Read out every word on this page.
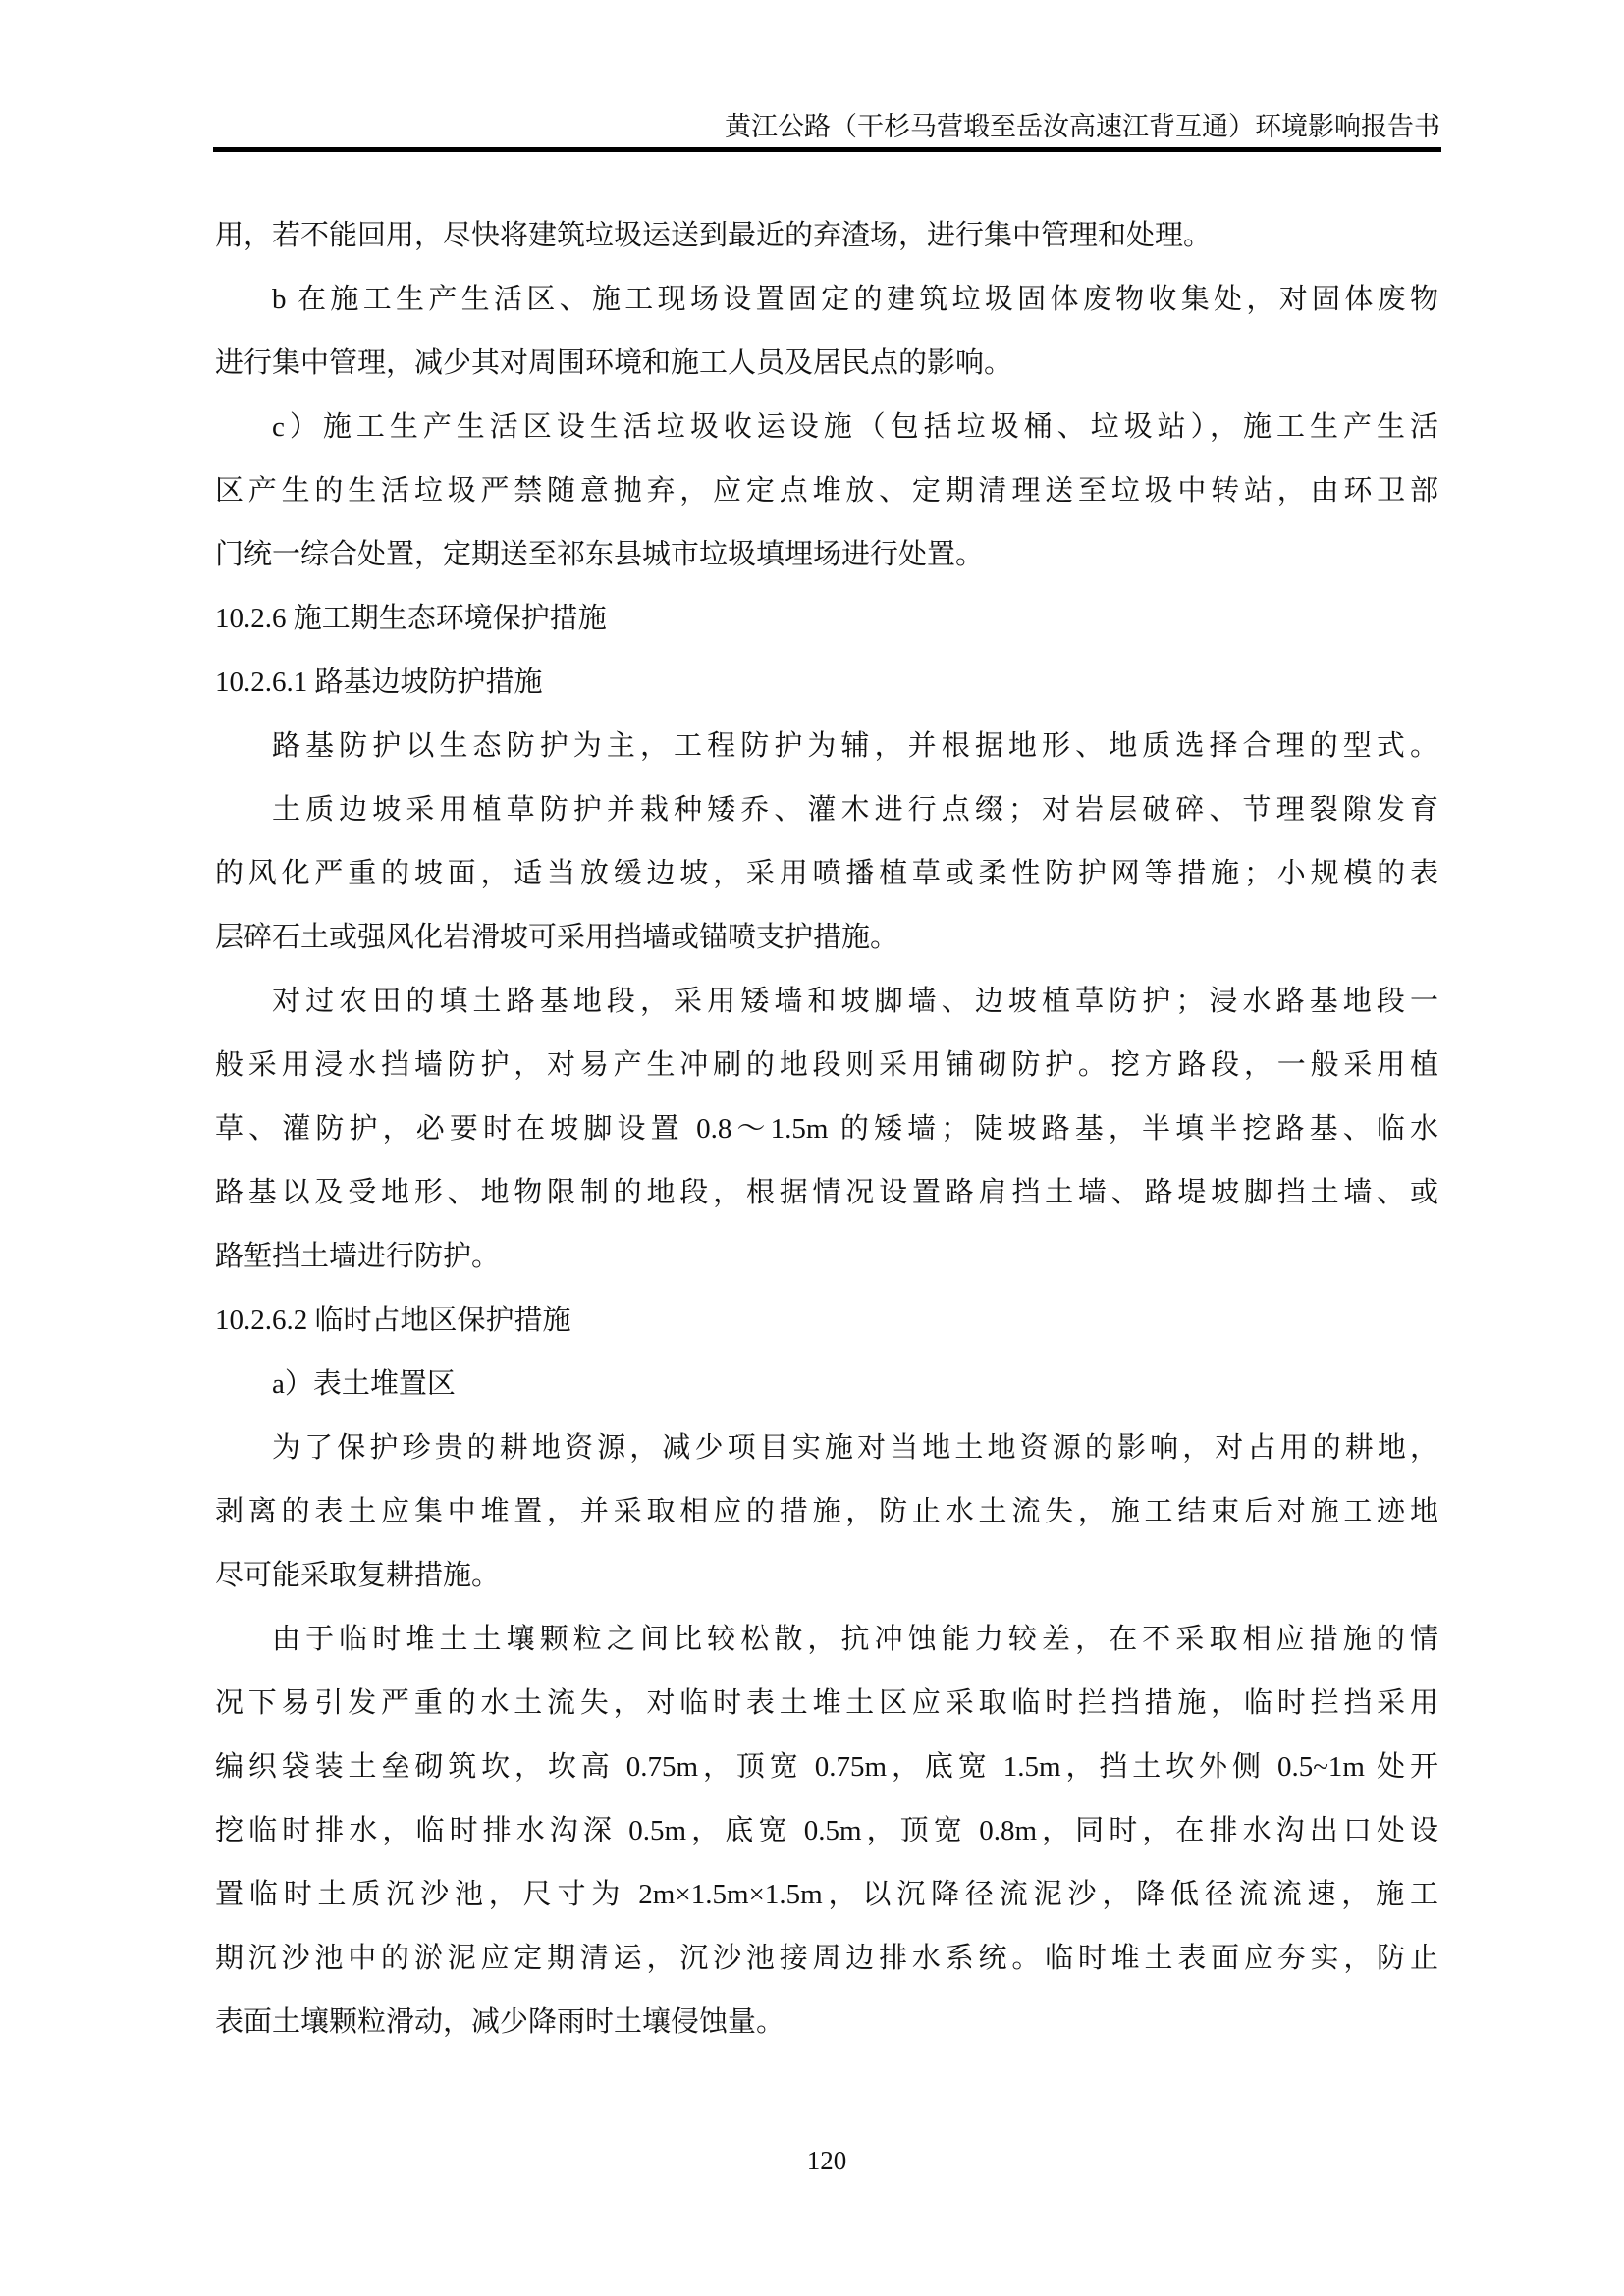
黄江公路（干杉马营塅至岳汝高速江背互通）环境影响报告书
用，若不能回用，尽快将建筑垃圾运送到最近的弃渣场，进行集中管理和处理。
b 在施工生产生活区、施工现场设置固定的建筑垃圾固体废物收集处，对固体废物
进行集中管理，减少其对周围环境和施工人员及居民点的影响。
c）施工生产生活区设生活垃圾收运设施（包括垃圾桶、垃圾站），施工生产生活
区产生的生活垃圾严禁随意抛弃，应定点堆放、定期清理送至垃圾中转站，由环卫部
门统一综合处置，定期送至祁东县城市垃圾填埋场进行处置。
10.2.6 施工期生态环境保护措施
10.2.6.1 路基边坡防护措施
路基防护以生态防护为主，工程防护为辅，并根据地形、地质选择合理的型式。
土质边坡采用植草防护并栽种矮乔、灌木进行点缀；对岩层破碎、节理裂隙发育
的风化严重的坡面，适当放缓边坡，采用喷播植草或柔性防护网等措施；小规模的表
层碎石土或强风化岩滑坡可采用挡墙或锚喷支护措施。
对过农田的填土路基地段，采用矮墙和坡脚墙、边坡植草防护；浸水路基地段一
般采用浸水挡墙防护，对易产生冲刷的地段则采用铺砌防护。挖方路段，一般采用植
草、灌防护，必要时在坡脚设置 0.8～1.5m 的矮墙；陡坡路基，半填半挖路基、临水
路基以及受地形、地物限制的地段，根据情况设置路肩挡土墙、路堤坡脚挡土墙、或
路堑挡土墙进行防护。
10.2.6.2 临时占地区保护措施
a）表土堆置区
为了保护珍贵的耕地资源，减少项目实施对当地土地资源的影响，对占用的耕地，
剥离的表土应集中堆置，并采取相应的措施，防止水土流失，施工结束后对施工迹地
尽可能采取复耕措施。
由于临时堆土土壤颗粒之间比较松散，抗冲蚀能力较差，在不采取相应措施的情
况下易引发严重的水土流失，对临时表土堆土区应采取临时拦挡措施，临时拦挡采用
编织袋装土垒砌筑坎，坎高 0.75m，顶宽 0.75m，底宽 1.5m，挡土坎外侧 0.5~1m 处开
挖临时排水，临时排水沟深 0.5m，底宽 0.5m，顶宽 0.8m，同时，在排水沟出口处设
置临时土质沉沙池，尺寸为 2m×1.5m×1.5m，以沉降径流泥沙，降低径流流速，施工
期沉沙池中的淤泥应定期清运，沉沙池接周边排水系统。临时堆土表面应夯实，防止
表面土壤颗粒滑动，减少降雨时土壤侵蚀量。
120
